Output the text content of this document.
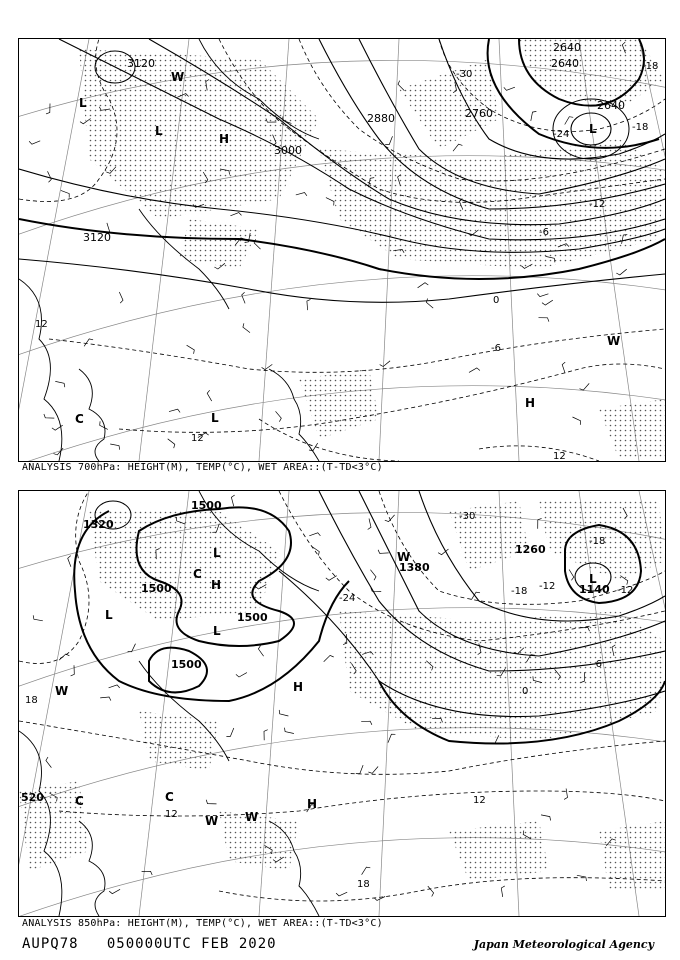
3120
3120
3000
2880	2760
2640
2640
2640
12
12
12
0
-6
-12
-18
-18
-24
-30
-6
L
L
H
L
H
L
C
W
W
ANALYSIS 700hPa: HEIGHT(M), TEMP(°C), WET AREA::(T-TD<3°C)
1500
1500
1500
1500
1380
1140
1260
1320
18
12
12
18
-6
-12
-18
-24
-30
-18
0
-12
L
L
L
L
H
H
H
C
C
C
W
W W
W
520
ANALYSIS 850hPa: HEIGHT(M), TEMP(°C), WET AREA::(T-TD<3°C)
AUPQ78 050000UTC FEB 2020	Japan Meteorological Agency
